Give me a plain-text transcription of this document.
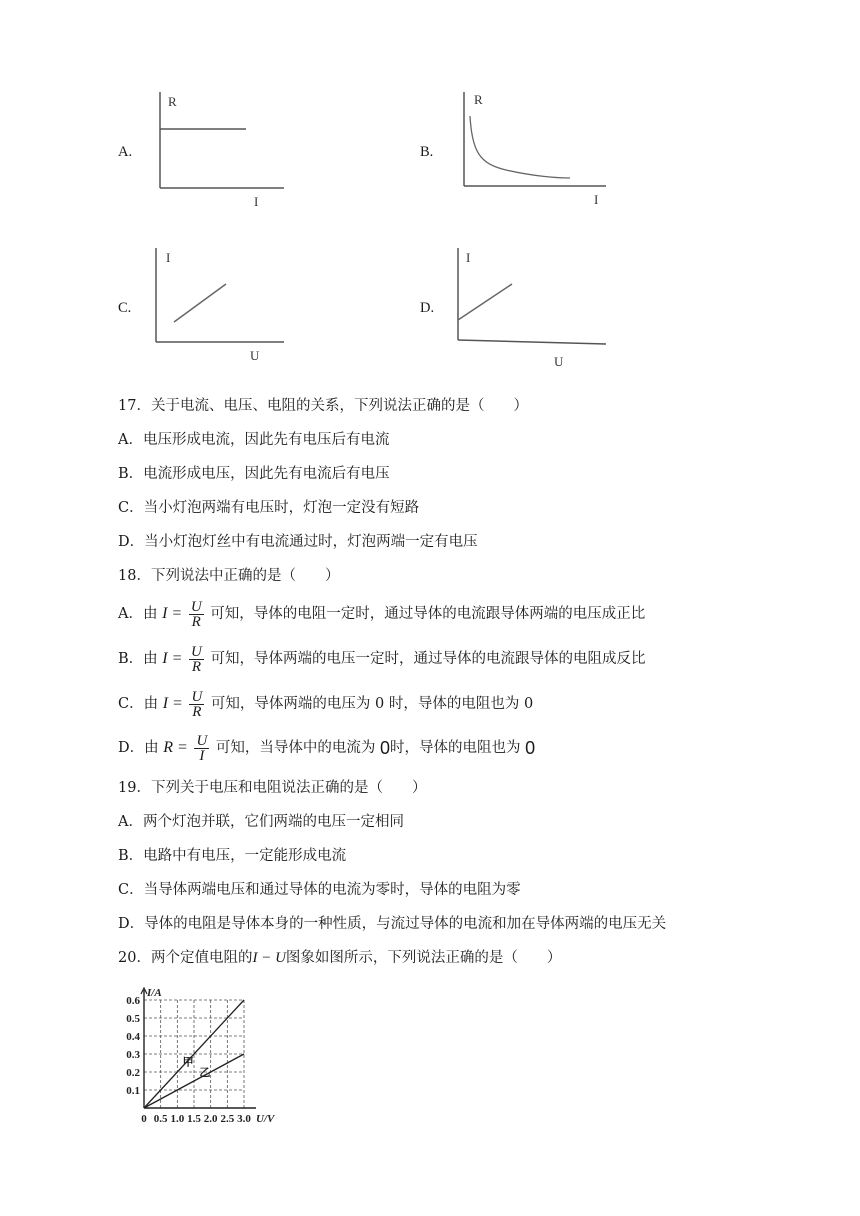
A.
R
I
B.
R
I
C.
I
U
D.
I
U
17．关于电流、电压、电阻的关系，下列说法正确的是（　　）
A．电压形成电流，因此先有电压后有电流
B．电流形成电压，因此先有电流后有电压
C．当小灯泡两端有电压时，灯泡一定没有短路
D．当小灯泡灯丝中有电流通过时，灯泡两端一定有电压
18．下列说法中正确的是（　　）
A．由 $I = \frac{U}{R}$ 可知，导体的电阻一定时，通过导体的电流跟导体两端的电压成正比
B．由 $I = \frac{U}{R}$ 可知，导体两端的电压一定时，通过导体的电流跟导体的电阻成反比
C．由 $I = \frac{U}{R}$ 可知，导体两端的电压为 0 时，导体的电阻也为 0
D．由 $R = \frac{U}{I}$ 可知，当导体中的电流为 0时，导体的电阻也为 0
19．下列关于电压和电阻说法正确的是（　　）
A．两个灯泡并联，它们两端的电压一定相同
B．电路中有电压，一定能形成电流
C．当导体两端电压和通过导体的电流为零时，导体的电阻为零
D．导体的电阻是导体本身的一种性质，与流过导体的电流和加在导体两端的电压无关
20．两个定值电阻的I − U图象如图所示，下列说法正确的是（　　）
0 0.5 1.0 1.5 2.0 2.5 3.0
0.1
0.2
0.3
0.4
0.5
0.6
I/A
U/V
甲
乙
